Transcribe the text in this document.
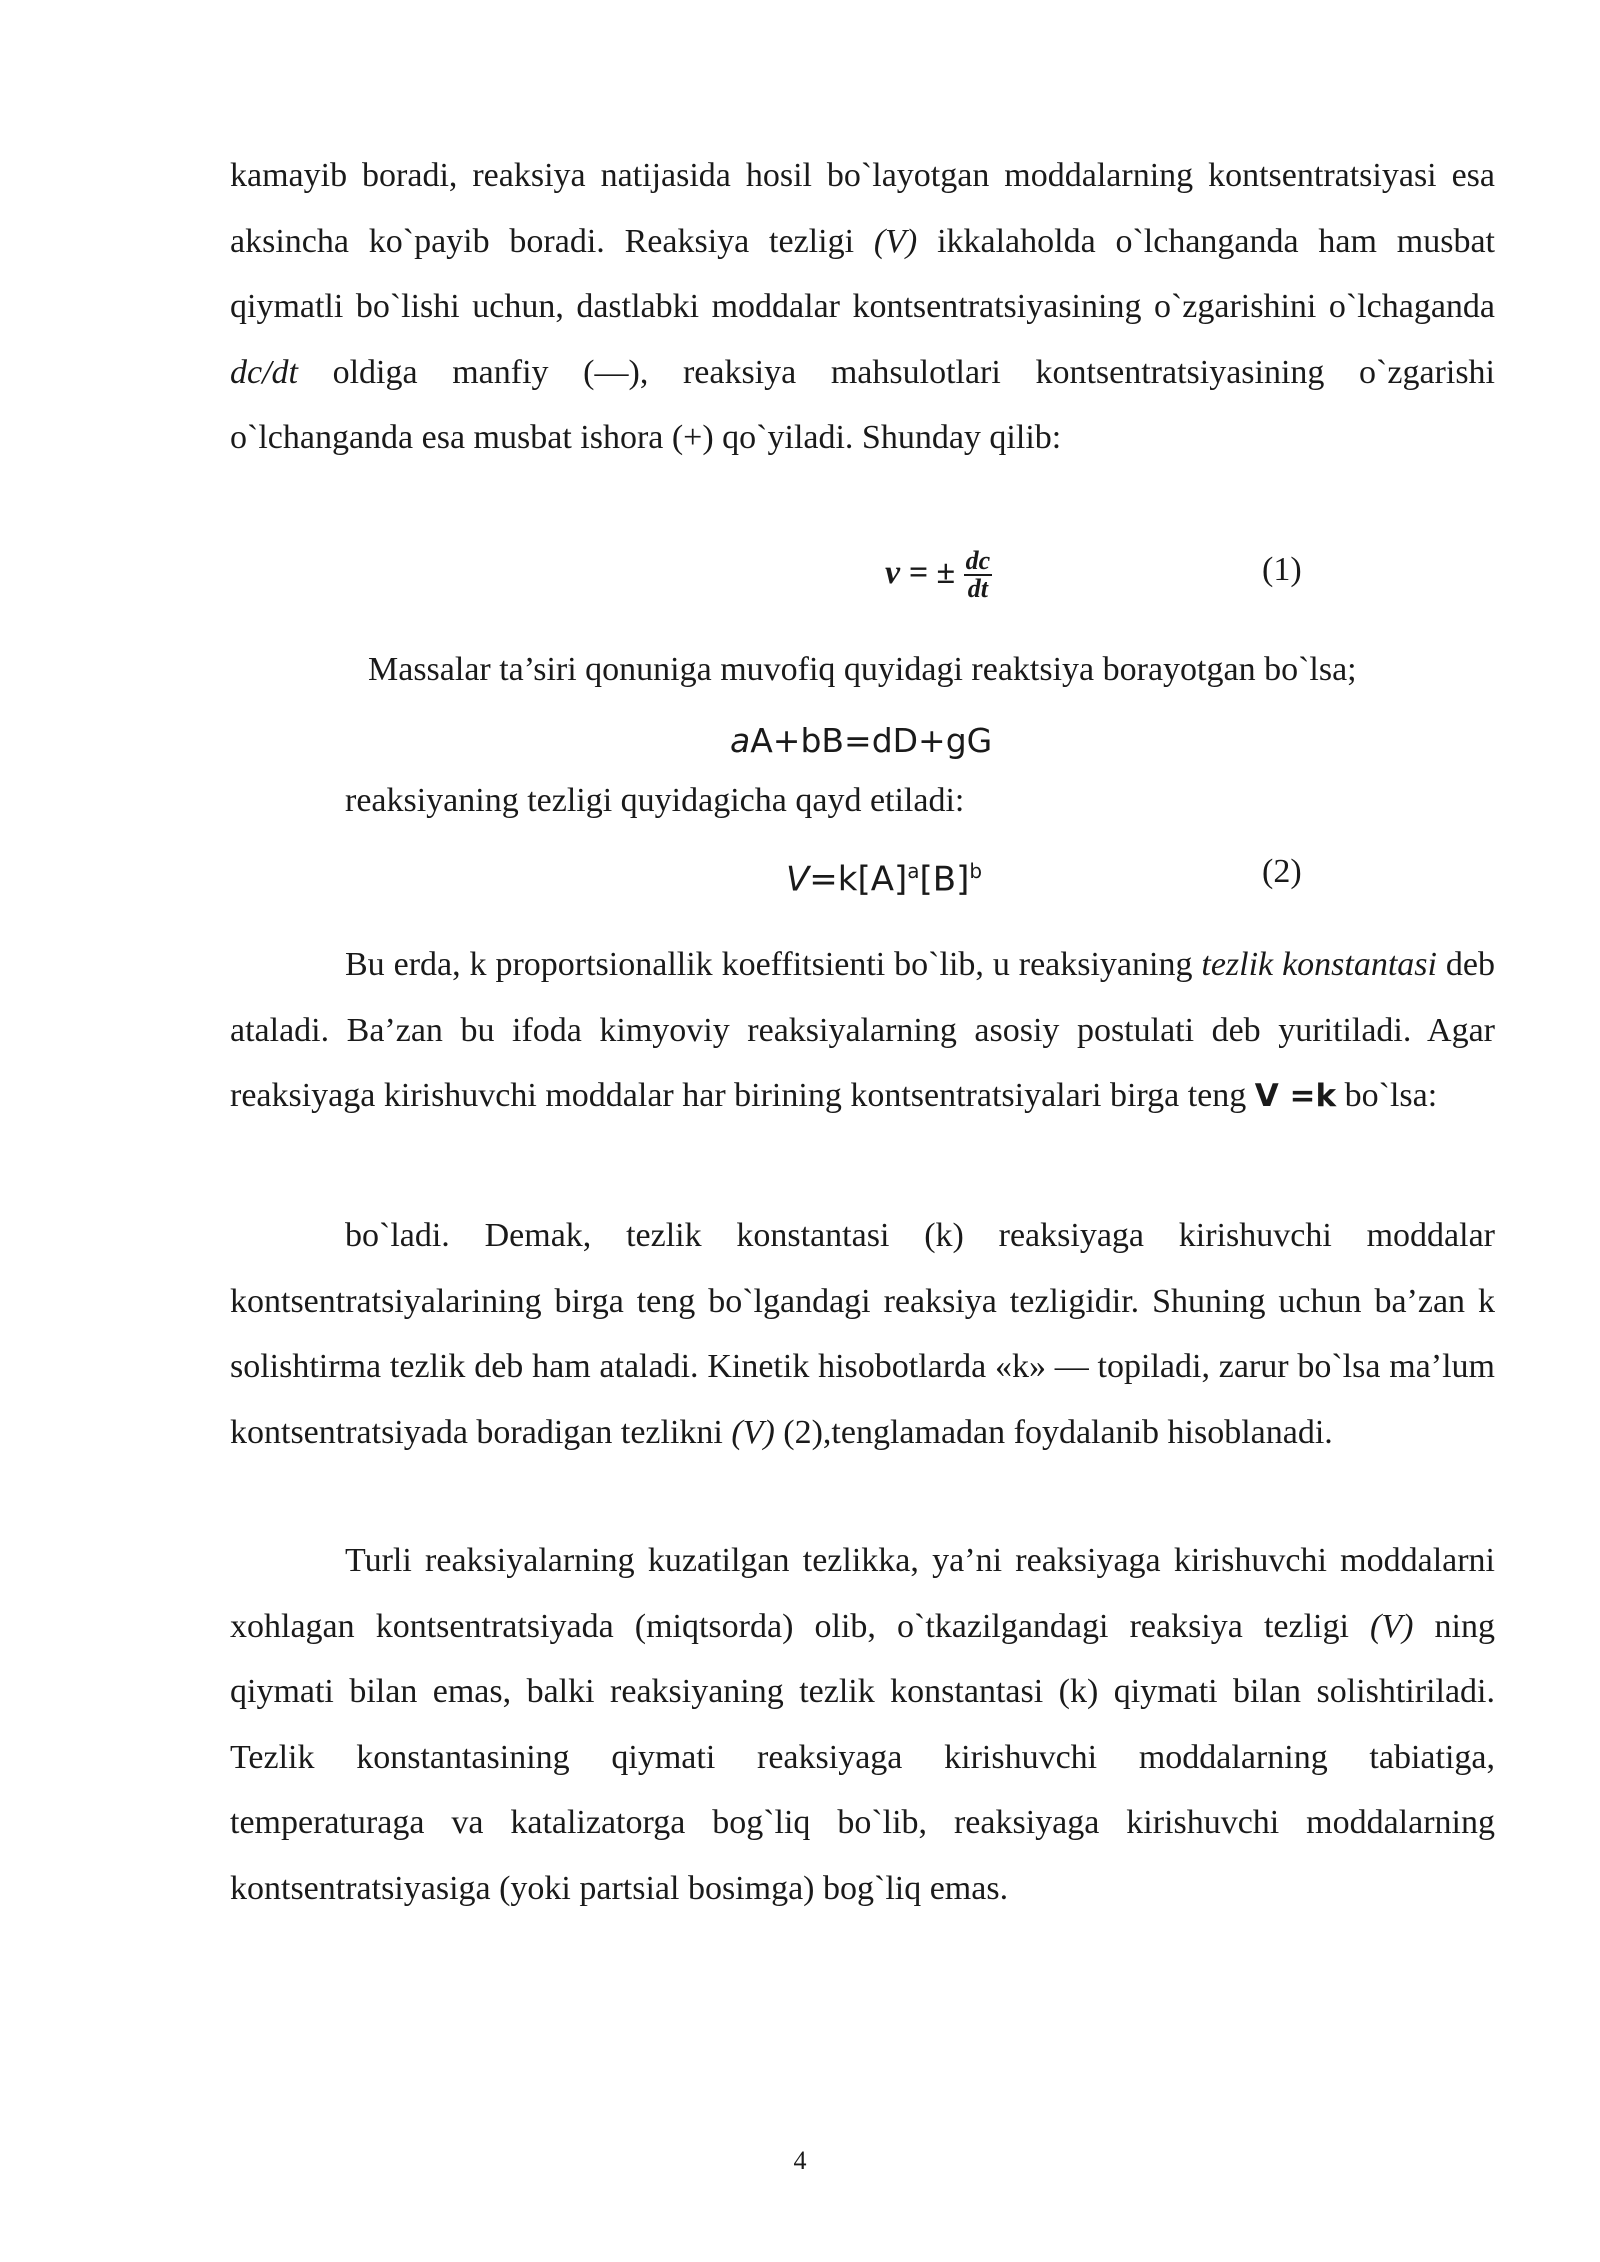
kamayib boradi, reaksiya natijasida hosil bo`layotgan moddalarning kontsentratsiyasi esa aksincha ko`payib boradi. Reaksiya tezligi (V) ikkalaholda o`lchanganda ham musbat qiymatli bo`lishi uchun, dastlabki moddalar kontsentratsiyasining o`zgarishini o`lchaganda dc/dt oldiga manfiy (—), reaksiya mahsulotlari kontsentratsiyasining o`zgarishi o`lchanganda esa musbat ishora (+) qo`yiladi. Shunday qilib:

v = ± $\frac{dc}{dt}$	(1)

Massalar ta’siri qonuniga muvofiq quyidagi reaktsiya borayotgan bo`lsa;

aA+bB=dD+gG

reaksiyaning tezligi quyidagicha qayd etiladi:

$V=k[A]^a[B]^b$	(2)

Bu erda, k proportsionallik koeffitsienti bo`lib, u reaksiyaning tezlik konstantasi deb ataladi. Ba’zan bu ifoda kimyoviy reaksiyalarning asosiy postulati deb yuritiladi. Agar reaksiyaga kirishuvchi moddalar har birining kontsentratsiyalari birga teng V =k bo`lsa:

bo`ladi. Demak, tezlik konstantasi (k) reaksiyaga kirishuvchi moddalar kontsentratsiyalarining birga teng bo`lgandagi reaksiya tezligidir. Shuning uchun ba’zan k solishtirma tezlik deb ham ataladi. Kinetik hisobotlarda «k» — topiladi, zarur bo`lsa ma’lum kontsentratsiyada boradigan tezlikni (V) (2),tenglamadan foydalanib hisoblanadi.

Turli reaksiyalarning kuzatilgan tezlikka, ya’ni reaksiyaga kirishuvchi moddalarni xohlagan kontsentratsiyada (miqtsorda) olib, o`tkazilgandagi reaksiya tezligi (V) ning qiymati bilan emas, balki reaksiyaning tezlik konstantasi (k) qiymati bilan solishtiriladi. Tezlik konstantasining qiymati reaksiyaga kirishuvchi moddalarning tabiatiga, temperaturaga va katalizatorga bog`liq bo`lib, reaksiyaga kirishuvchi moddalarning kontsentratsiyasiga (yoki partsial bosimga) bog`liq emas.

4
